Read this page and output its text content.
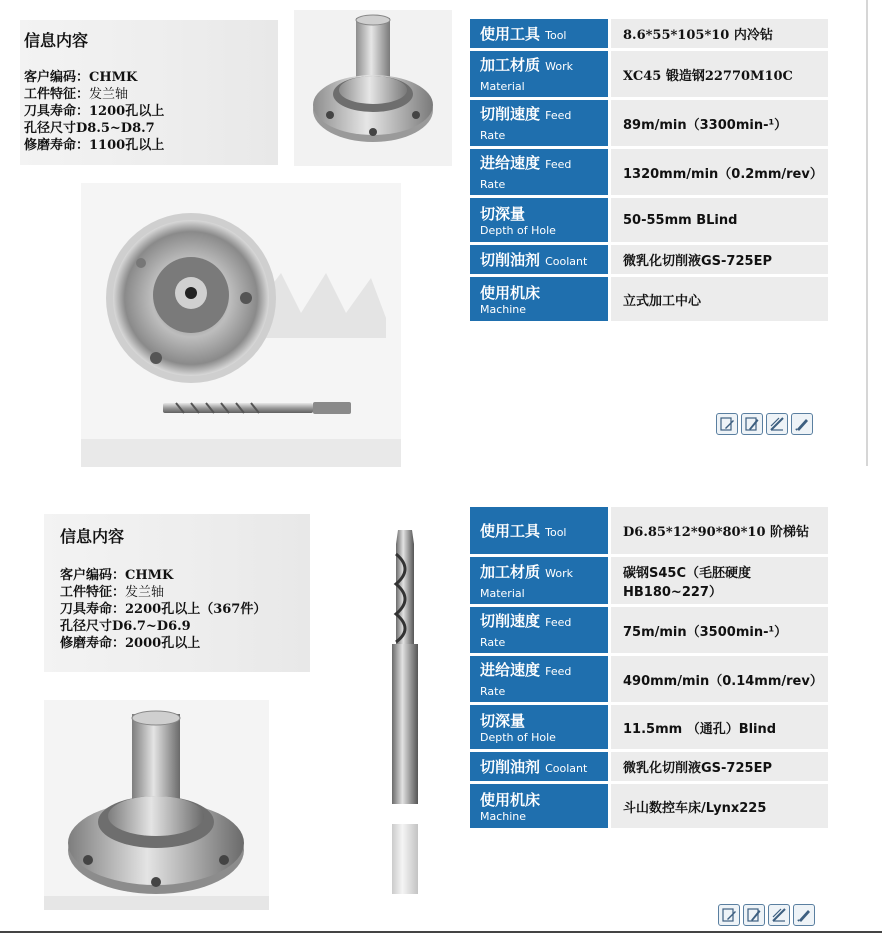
信息内容
客户编码：CHMK
工件特征：发兰轴
刀具寿命：1200孔以上
孔径尺寸D8.5~D8.7
修磨寿命：1100孔以上
使用工具 Tool	8.6*55*105*10 内冷钻
加工材质 Work Material	XC45 锻造钢22770M10C
切削速度 Feed Rate	89m/min（3300min-¹）
进给速度 Feed Rate	1320mm/min（0.2mm/rev）

切深量
Depth of Hole	50-55mm BLind
切削油剂 Coolant	微乳化切削液GS-725EP

使用机床
Machine	立式加工中心
信息内容
客户编码：CHMK
工件特征：发兰轴
刀具寿命：2200孔以上（367件）
孔径尺寸D6.7~D6.9
修磨寿命：2000孔以上
使用工具 Tool	D6.85*12*90*80*10 阶梯钻
加工材质 Work Material	碳钢S45C（毛胚硬度 HB180~227）
切削速度 Feed Rate	75m/min（3500min-¹）
进给速度 Feed Rate	490mm/min（0.14mm/rev）

切深量
Depth of Hole	11.5mm （通孔）Blind
切削油剂 Coolant	微乳化切削液GS-725EP

使用机床
Machine	斗山数控车床/Lynx225
